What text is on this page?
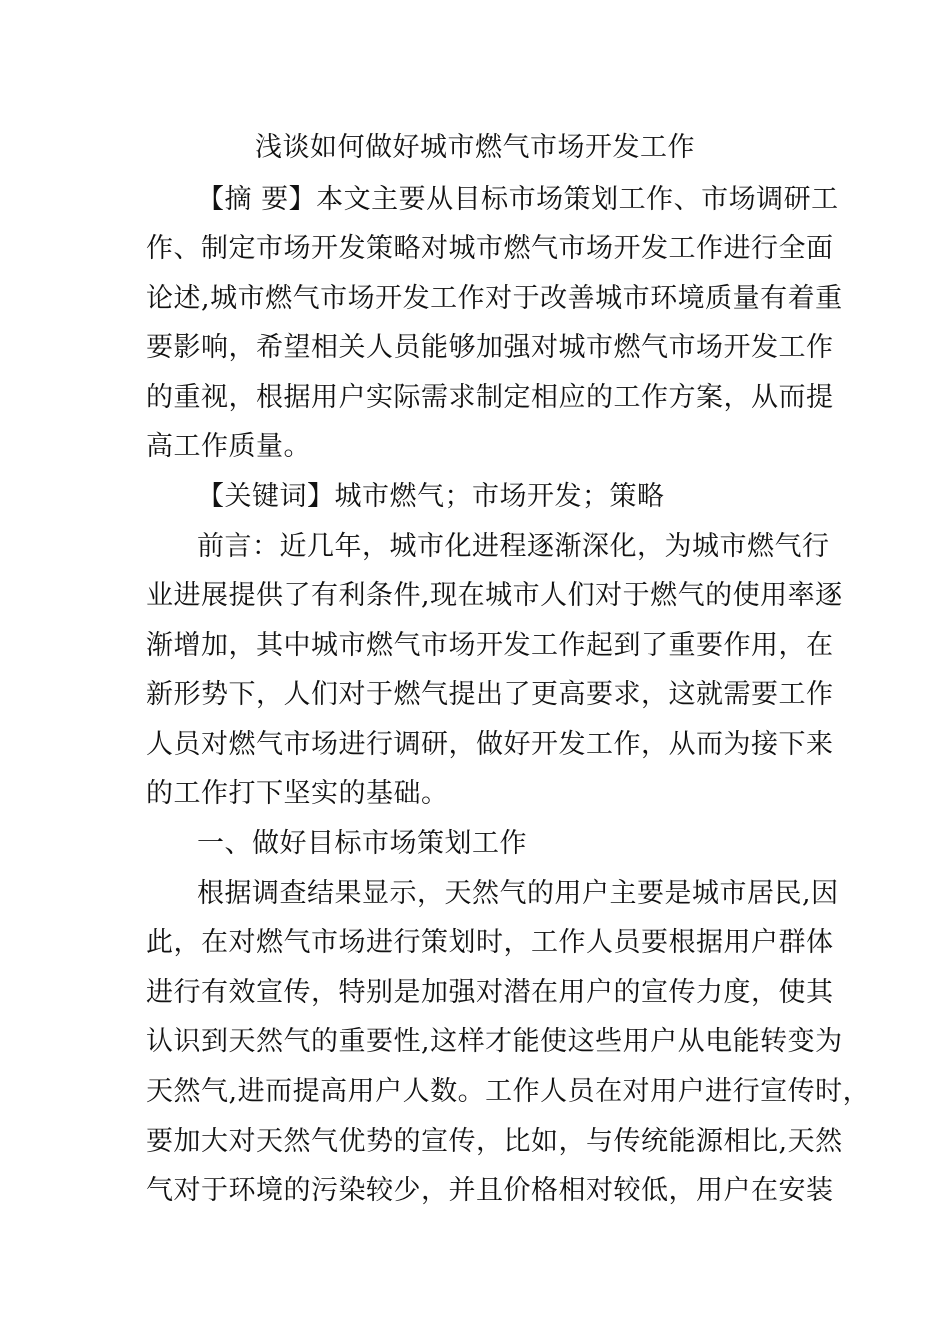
浅谈如何做好城市燃气市场开发工作
【摘 要】本文主要从目标市场策划工作、市场调研工
作、制定市场开发策略对城市燃气市场开发工作进行全面
论述,城市燃气市场开发工作对于改善城市环境质量有着重
要影响，希望相关人员能够加强对城市燃气市场开发工作
的重视，根据用户实际需求制定相应的工作方案，从而提
高工作质量。
【关键词】城市燃气；市场开发；策略
前言：近几年，城市化进程逐渐深化，为城市燃气行
业进展提供了有利条件,现在城市人们对于燃气的使用率逐
渐增加，其中城市燃气市场开发工作起到了重要作用，在
新形势下，人们对于燃气提出了更高要求，这就需要工作
人员对燃气市场进行调研，做好开发工作，从而为接下来
的工作打下坚实的基础。
一、做好目标市场策划工作
根据调查结果显示，天然气的用户主要是城市居民,因
此，在对燃气市场进行策划时，工作人员要根据用户群体
进行有效宣传，特别是加强对潜在用户的宣传力度，使其
认识到天然气的重要性,这样才能使这些用户从电能转变为
天然气,进而提高用户人数。工作人员在对用户进行宣传时，
要加大对天然气优势的宣传，比如，与传统能源相比,天然
气对于环境的污染较少，并且价格相对较低，用户在安装
